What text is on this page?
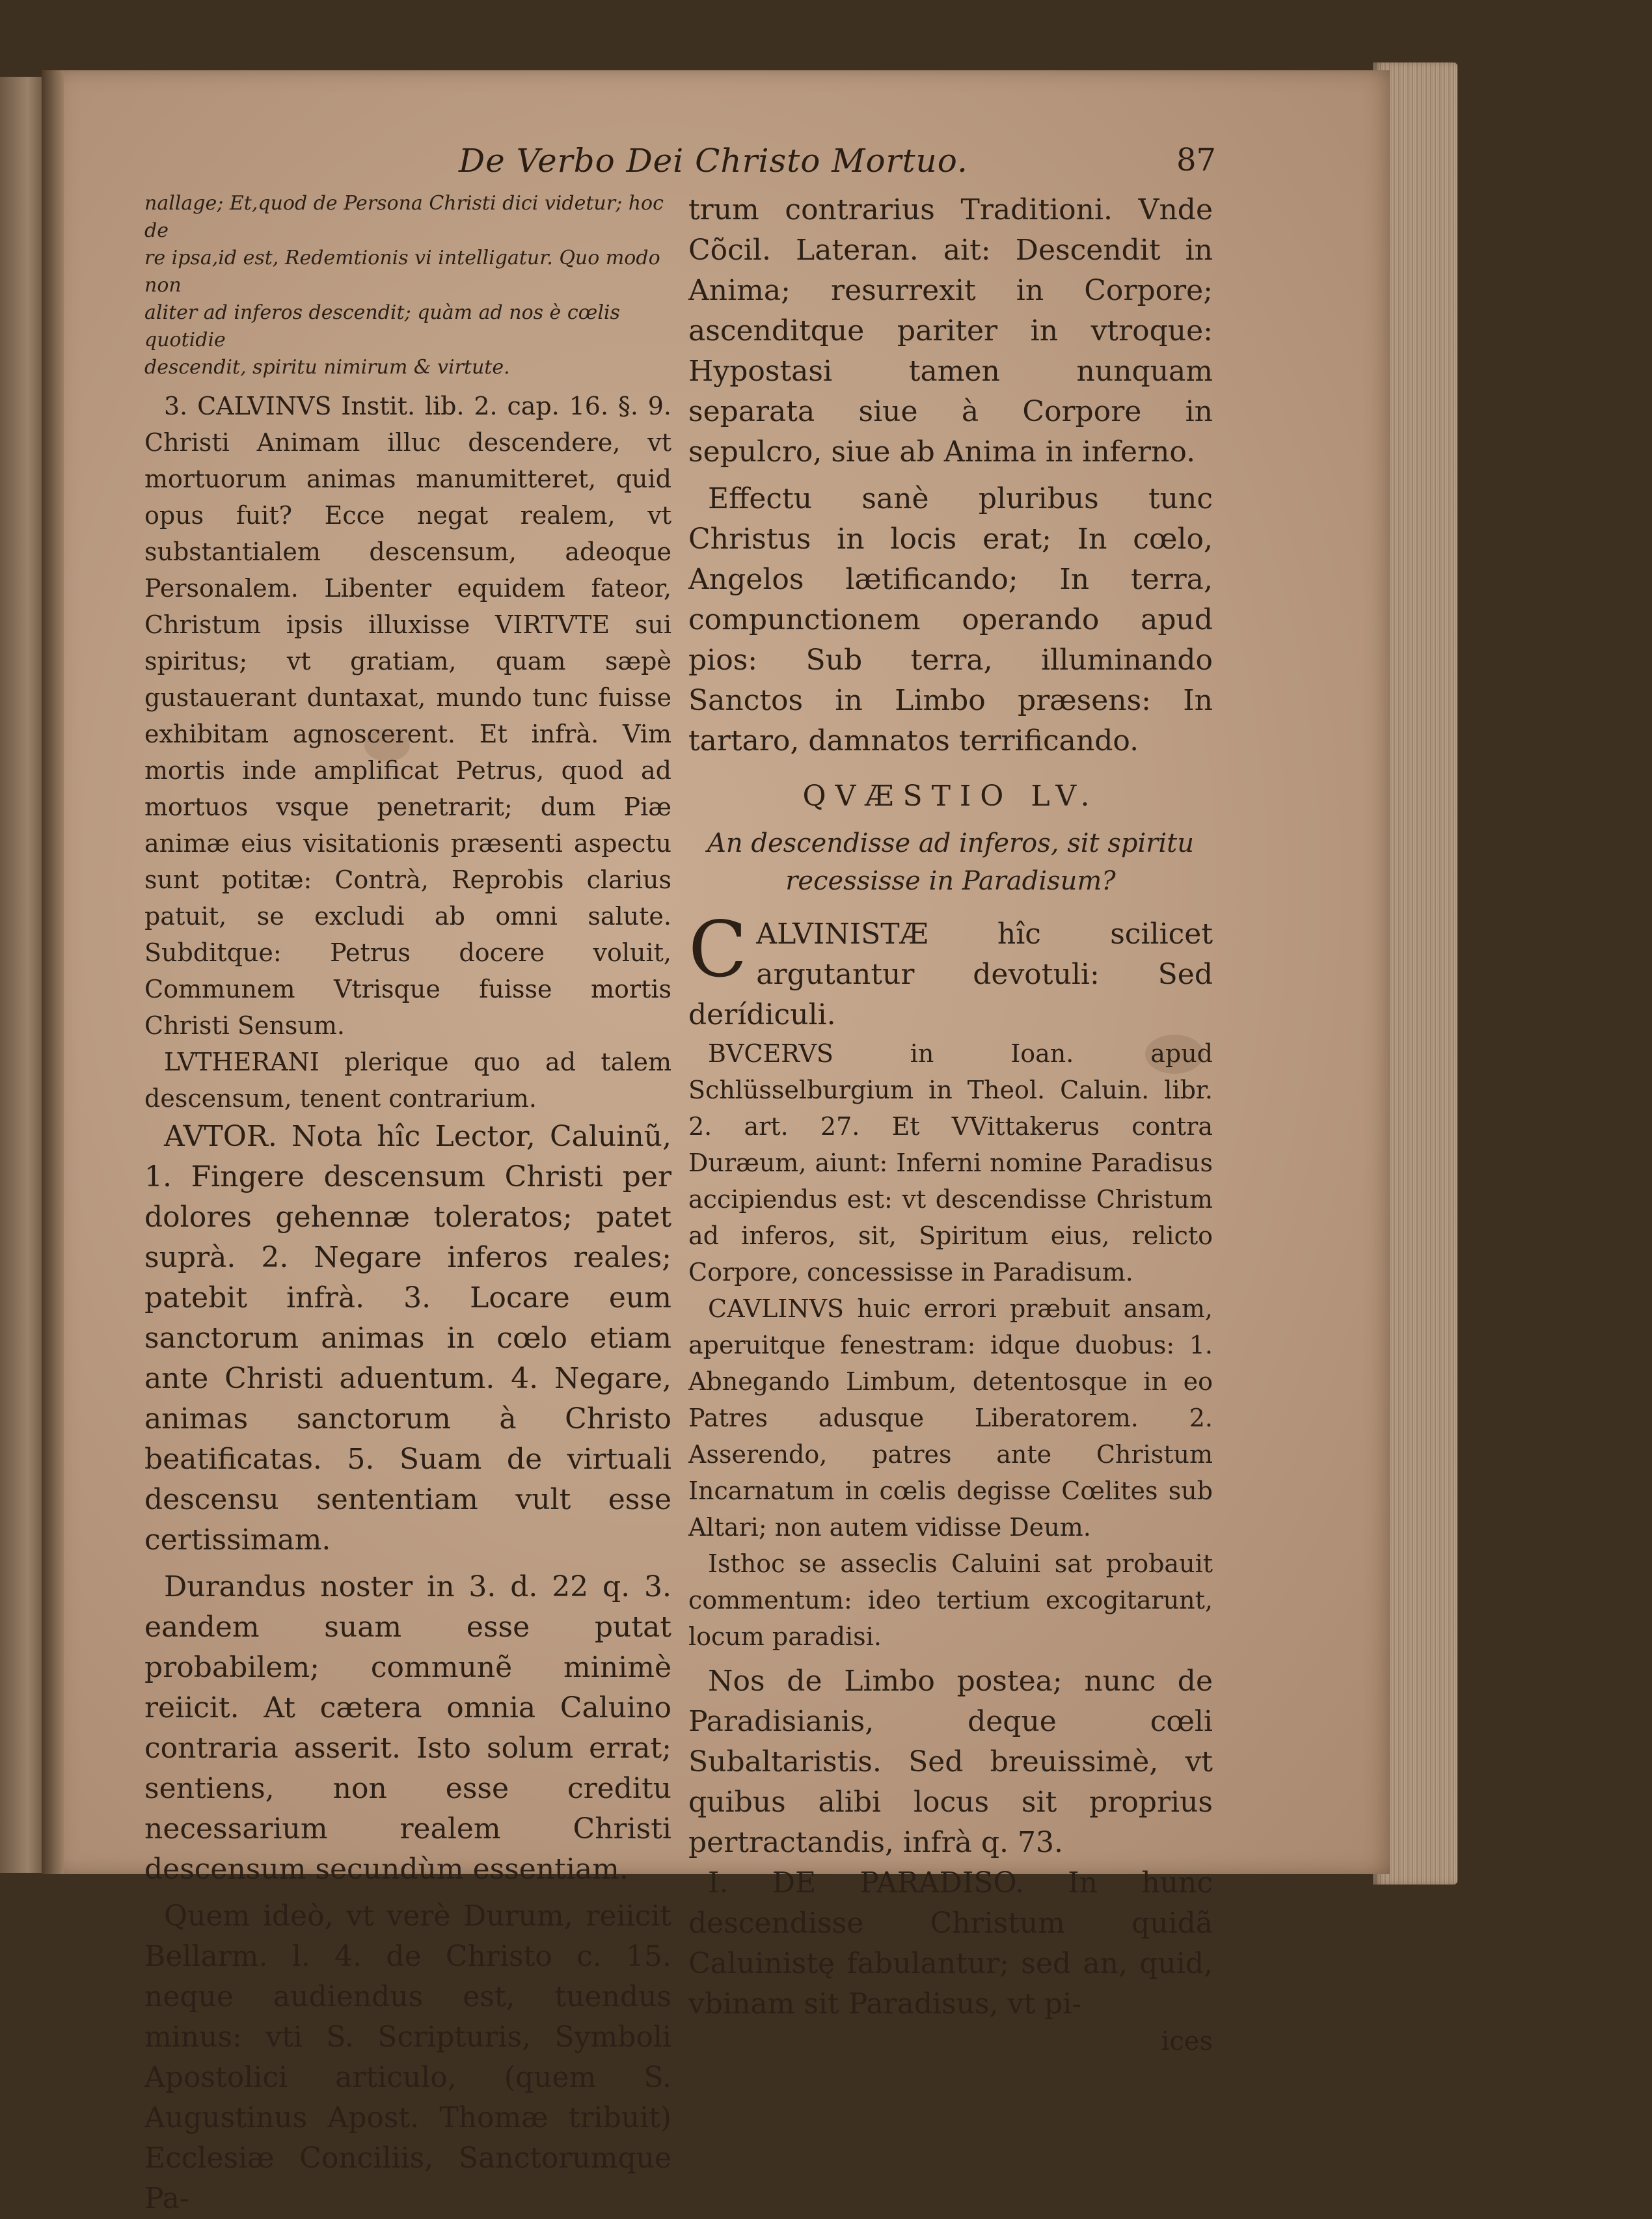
De Verbo Dei Christo Mortuo.	87

nallage; Et,quod de Persona Christi dici videtur; hoc de

re ipsa,id est, Redemtionis vi intelligatur. Quo modo non

aliter ad inferos descendit; quàm ad nos è cœlis quotidie

descendit, spiritu nimirum & virtute.

3. CALVINVS Instit. lib. 2. cap. 16. §. 9. Christi Animam illuc descendere, vt mortuorum animas manumitteret, quid opus fuit? Ecce negat realem, vt substantialem descensum, adeoque Personalem. Libenter equidem fateor, Christum ipsis illuxisse VIRTVTE sui spiritus; vt gratiam, quam sæpè gustauerant duntaxat, mundo tunc fuisse exhibitam agnoscerent. Et infrà. Vim mortis inde amplificat Petrus, quod ad mortuos vsque penetrarit; dum Piæ animæ eius visitationis præsenti aspectu sunt potitæ: Contrà, Reprobis clarius patuit, se excludi ab omni salute. Subditque: Petrus docere voluit, Communem Vtrisque fuisse mortis Christi Sensum.

LVTHERANI plerique quo ad talem descensum, tenent contrarium.

AVTOR. Nota hîc Lector, Caluinũ, 1. Fingere descensum Christi per dolores gehennæ toleratos; patet suprà. 2. Negare inferos reales; patebit infrà. 3. Locare eum sanctorum animas in cœlo etiam ante Christi aduentum. 4. Negare, animas sanctorum à Christo beatificatas. 5. Suam de virtuali descensu sententiam vult esse certissimam.

Durandus noster in 3. d. 22 q. 3. eandem suam esse putat probabilem; communẽ minimè reiicit. At cætera omnia Caluino contraria asserit. Isto solum errat; sentiens, non esse creditu necessarium realem Christi descensum secundùm essentiam.

Quem ideò, vt verè Durum, reiicit Bellarm. l. 4. de Christo c. 15. neque audiendus est, tuendus minus: vti S. Scripturis, Symboli Apostolici articulo, (quem S. Augustinus Apost. Thomæ tribuit) Ecclesiæ Conciliis, Sanctorumque Pa-

trum contrarius Traditioni. Vnde Cõcil. Lateran. ait: Descendit in Anima; resurrexit in Corpore; ascenditque pariter in vtroque: Hypostasi tamen nunquam separata siue à Corpore in sepulcro, siue ab Anima in inferno.

Effectu sanè pluribus tunc Christus in locis erat; In cœlo, Angelos lætificando; In terra, compunctionem operando apud pios: Sub terra, illuminando Sanctos in Limbo præsens: In tartaro, damnatos terrificando.

QVÆSTIO LV.

An descendisse ad inferos, sit spiritu recessisse in Paradisum?

C ALVINISTÆ hîc scilicet argutantur devotuli: Sed derídiculi.

BVCERVS in Ioan. apud Schlüsselburgium in Theol. Caluin. libr. 2. art. 27. Et VVittakerus contra Duræum, aiunt: Inferni nomine Paradisus accipiendus est: vt descendisse Christum ad inferos, sit, Spiritum eius, relicto Corpore, concessisse in Paradisum.

CAVLINVS huic errori præbuit ansam, aperuitque fenestram: idque duobus: 1. Abnegando Limbum, detentosque in eo Patres adusque Liberatorem. 2. Asserendo, patres ante Christum Incarnatum in cœlis degisse Cœlites sub Altari; non autem vidisse Deum.

Isthoc se asseclis Caluini sat probauit commentum: ideo tertium excogitarunt, locum paradisi.

Nos de Limbo postea; nunc de Paradisianis, deque cœli Subaltaristis. Sed breuissimè, vt quibus alibi locus sit proprius pertractandis, infrà q. 73.

I. DE PARADISO. In hunc descendisse Christum quidã Caluinistę fabulantur; sed an, quid, vbinam sit Paradisus, vt pi-

ices
